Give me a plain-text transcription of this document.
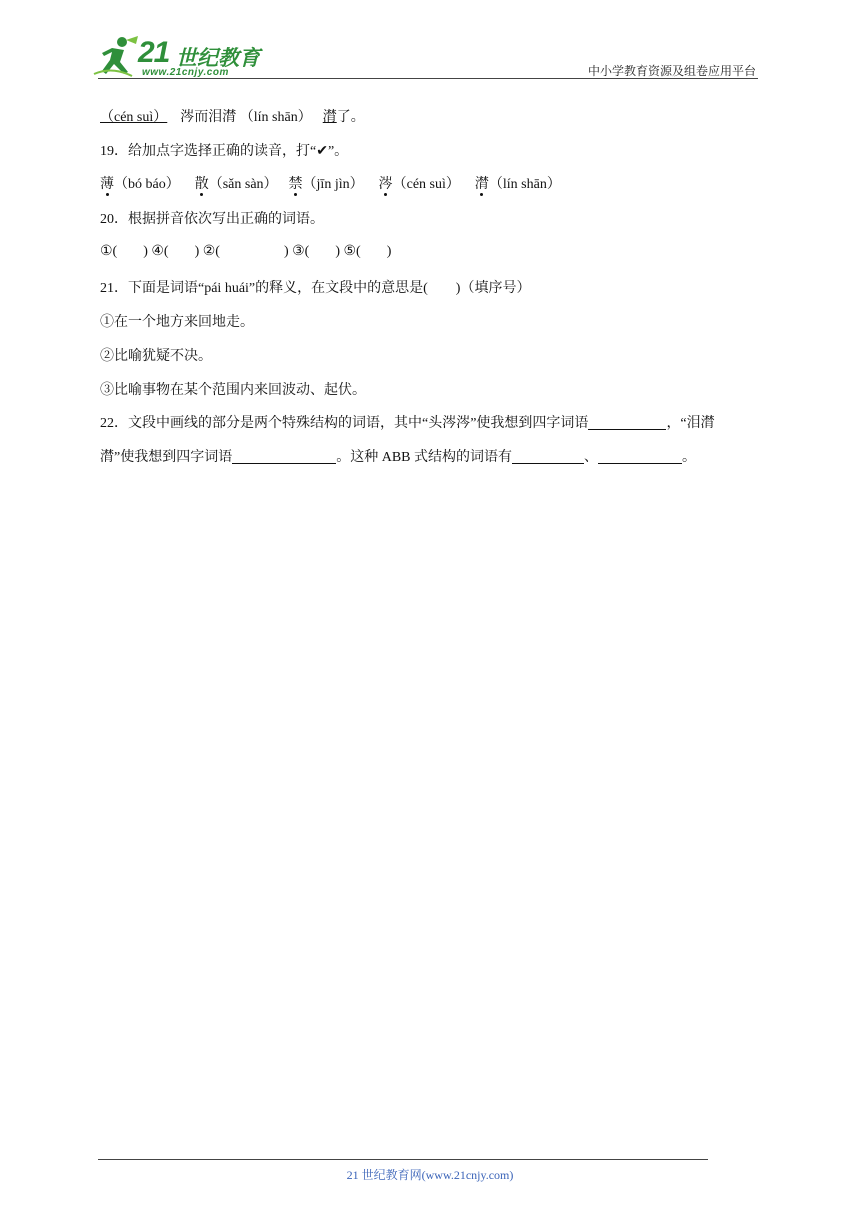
21 世纪教育
www.21cnjy.com	中小学教育资源及组卷应用平台
（cén suì） 涔而泪潸 （lín shān） 潸了。
19．给加点字选择正确的读音，打“✔”。
薄（bó báo） 散（sǎn sàn） 禁（jīn jìn） 涔（cén suì） 潸（lín shān）
20．根据拼音依次写出正确的词语。
①( ) ④( ) ②(	) ③( ) ⑤( )
21．下面是词语“pái huái”的释义，在文段中的意思是(　　)（填序号）
①在一个地方来回地走。
②比喻犹疑不决。
③比喻事物在某个范围内来回波动、起伏。
22．文段中画线的部分是两个特殊结构的词语，其中“头涔涔”使我想到四字词语	，“泪潸
潸”使我想到四字词语	。这种 ABB 式结构的词语有	、	。
21 世纪教育网(www.21cnjy.com)
